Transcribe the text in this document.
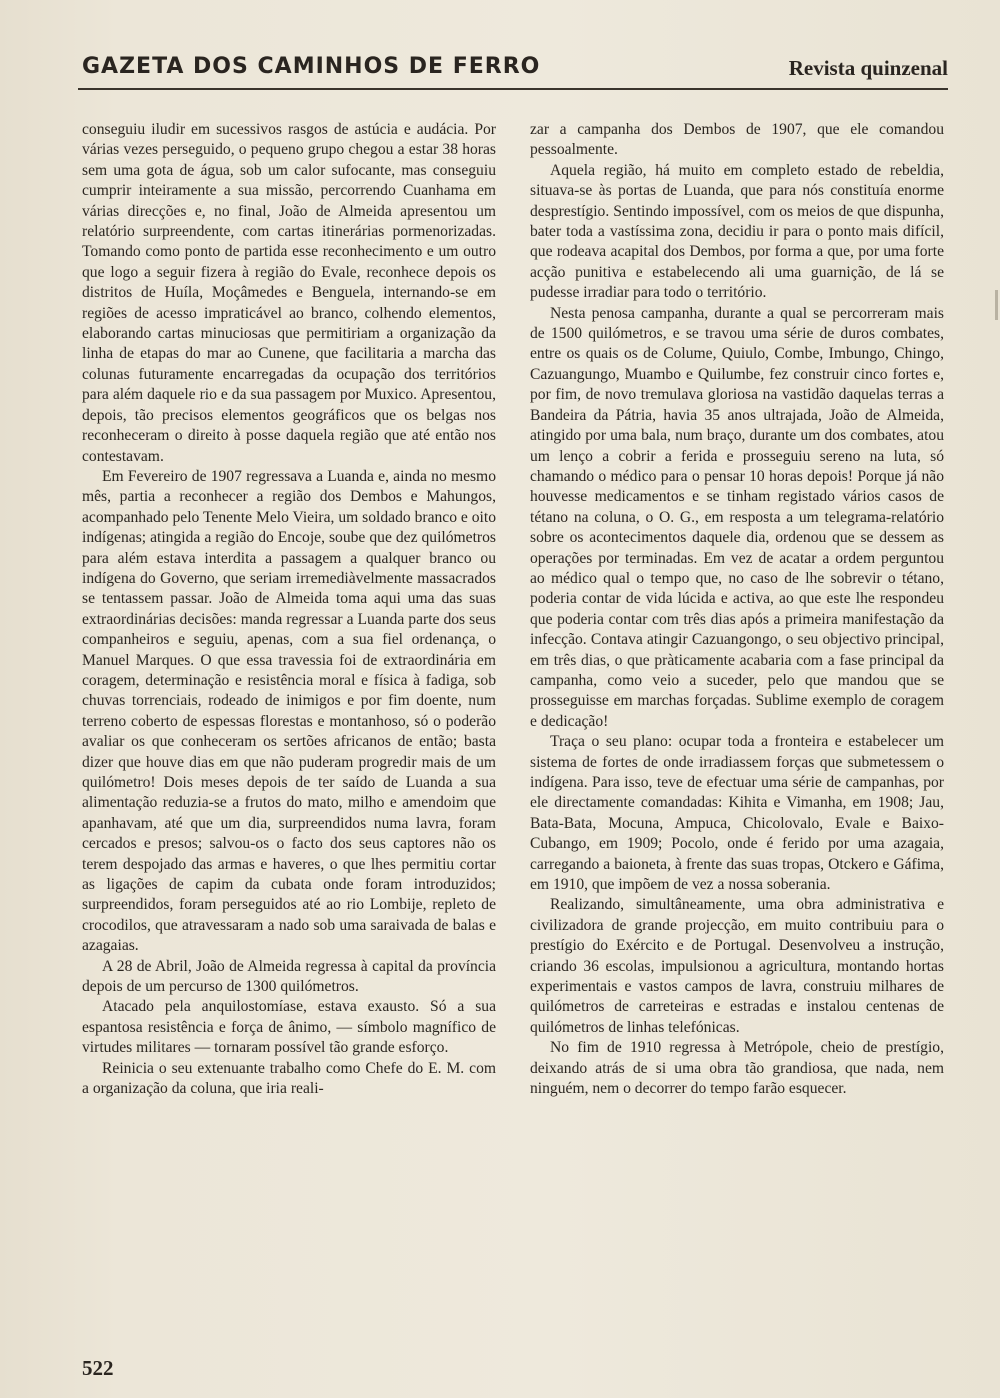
GAZETA DOS CAMINHOS DE FERRO	Revista quinzenal

conseguiu iludir em sucessivos rasgos de astúcia e audácia. Por várias vezes perseguido, o pequeno grupo chegou a estar 38 horas sem uma gota de água, sob um calor sufocante, mas conseguiu cumprir inteiramente a sua missão, percorrendo Cuanhama em várias direcções e, no final, João de Almeida apresentou um relatório surpreendente, com cartas itinerárias pormenorizadas. Tomando como ponto de partida esse reconhecimento e um outro que logo a seguir fizera à região do Evale, reconhece depois os distritos de Huíla, Moçâmedes e Benguela, internando-se em regiões de acesso impraticável ao branco, colhendo elementos, elaborando cartas minuciosas que permitiriam a organização da linha de etapas do mar ao Cunene, que facilitaria a marcha das colunas futuramente encarregadas da ocupação dos territórios para além daquele rio e da sua passagem por Muxico. Apresentou, depois, tão precisos elementos geográficos que os belgas nos reconheceram o direito à posse daquela região que até então nos contestavam.

Em Fevereiro de 1907 regressava a Luanda e, ainda no mesmo mês, partia a reconhecer a região dos Dembos e Mahungos, acompanhado pelo Tenente Melo Vieira, um soldado branco e oito indígenas; atingida a região do Encoje, soube que dez quilómetros para além estava interdita a passagem a qualquer branco ou indígena do Governo, que seriam irremediàvelmente massacrados se tentassem passar. João de Almeida toma aqui uma das suas extraordinárias decisões: manda regressar a Luanda parte dos seus companheiros e seguiu, apenas, com a sua fiel ordenança, o Manuel Marques. O que essa travessia foi de extraordinária em coragem, determinação e resistência moral e física à fadiga, sob chuvas torrenciais, rodeado de inimigos e por fim doente, num terreno coberto de espessas florestas e montanhoso, só o poderão avaliar os que conheceram os sertões africanos de então; basta dizer que houve dias em que não puderam progredir mais de um quilómetro! Dois meses depois de ter saído de Luanda a sua alimentação reduzia-se a frutos do mato, milho e amendoim que apanhavam, até que um dia, surpreendidos numa lavra, foram cercados e presos; salvou-os o facto dos seus captores não os terem despojado das armas e haveres, o que lhes permitiu cortar as ligações de capim da cubata onde foram introduzidos; surpreendidos, foram perseguidos até ao rio Lombije, repleto de crocodilos, que atravessaram a nado sob uma saraivada de balas e azagaias.

A 28 de Abril, João de Almeida regressa à capital da província depois de um percurso de 1300 quilómetros.

Atacado pela anquilostomíase, estava exausto. Só a sua espantosa resistência e força de ânimo, — símbolo magnífico de virtudes militares — tornaram possível tão grande esforço.

Reinicia o seu extenuante trabalho como Chefe do E. M. com a organização da coluna, que iria reali-

zar a campanha dos Dembos de 1907, que ele comandou pessoalmente.

Aquela região, há muito em completo estado de rebeldia, situava-se às portas de Luanda, que para nós constituía enorme desprestígio. Sentindo impossível, com os meios de que dispunha, bater toda a vastíssima zona, decidiu ir para o ponto mais difícil, que rodeava acapital dos Dembos, por forma a que, por uma forte acção punitiva e estabelecendo ali uma guarnição, de lá se pudesse irradiar para todo o território.

Nesta penosa campanha, durante a qual se percorreram mais de 1500 quilómetros, e se travou uma série de duros combates, entre os quais os de Colume, Quiulo, Combe, Imbungo, Chingo, Cazuangungo, Muambo e Quilumbe, fez construir cinco fortes e, por fim, de novo tremulava gloriosa na vastidão daquelas terras a Bandeira da Pátria, havia 35 anos ultrajada, João de Almeida, atingido por uma bala, num braço, durante um dos combates, atou um lenço a cobrir a ferida e prosseguiu sereno na luta, só chamando o médico para o pensar 10 horas depois! Porque já não houvesse medicamentos e se tinham registado vários casos de tétano na coluna, o O. G., em resposta a um telegrama-relatório sobre os acontecimentos daquele dia, ordenou que se dessem as operações por terminadas. Em vez de acatar a ordem perguntou ao médico qual o tempo que, no caso de lhe sobrevir o tétano, poderia contar de vida lúcida e activa, ao que este lhe respondeu que poderia contar com três dias após a primeira manifestação da infecção. Contava atingir Cazuangongo, o seu objectivo principal, em três dias, o que pràticamente acabaria com a fase principal da campanha, como veio a suceder, pelo que mandou que se prosseguisse em marchas forçadas. Sublime exemplo de coragem e dedicação!

Traça o seu plano: ocupar toda a fronteira e estabelecer um sistema de fortes de onde irradiassem forças que submetessem o indígena. Para isso, teve de efectuar uma série de campanhas, por ele directamente comandadas: Kihita e Vimanha, em 1908; Jau, Bata-Bata, Mocuna, Ampuca, Chicolovalo, Evale e Baixo-Cubango, em 1909; Pocolo, onde é ferido por uma azagaia, carregando a baioneta, à frente das suas tropas, Otckero e Gáfima, em 1910, que impõem de vez a nossa soberania.

Realizando, simultâneamente, uma obra administrativa e civilizadora de grande projecção, em muito contribuiu para o prestígio do Exército e de Portugal. Desenvolveu a instrução, criando 36 escolas, impulsionou a agricultura, montando hortas experimentais e vastos campos de lavra, construiu milhares de quilómetros de carreteiras e estradas e instalou centenas de quilómetros de linhas telefónicas.

No fim de 1910 regressa à Metrópole, cheio de prestígio, deixando atrás de si uma obra tão grandiosa, que nada, nem ninguém, nem o decorrer do tempo farão esquecer.

522
